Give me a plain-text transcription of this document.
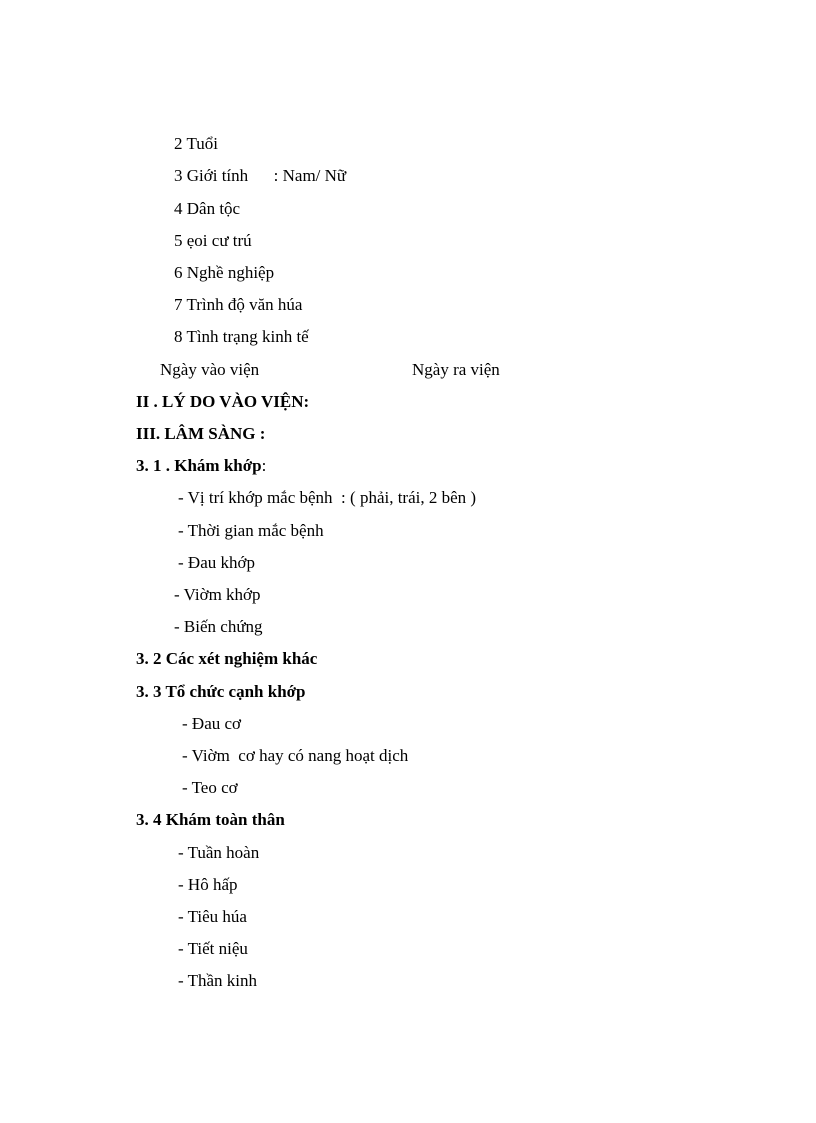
2 Tuổi
3 Giới tính      : Nam/ Nữ
4 Dân tộc
5 ẹoi cư trú
6 Nghề nghiệp
7 Trình độ văn húa
8 Tình trạng kinh tế
Ngày vào viện	Ngày ra viện
II . LÝ DO VÀO VIỆN:
III. LÂM SÀNG :
3. 1 . Khám khớp:
- Vị trí khớp mắc bệnh  : ( phải, trái, 2 bên )
- Thời gian mắc bệnh
- Đau khớp
- Viờm khớp
- Biến chứng
3. 2 Các xét nghiệm khác
3. 3 Tổ chức cạnh khớp
- Đau cơ
- Viờm  cơ hay có nang hoạt dịch
- Teo cơ
3. 4 Khám toàn thân
- Tuần hoàn
- Hô hấp
- Tiêu húa
- Tiết niệu
- Thần kinh
